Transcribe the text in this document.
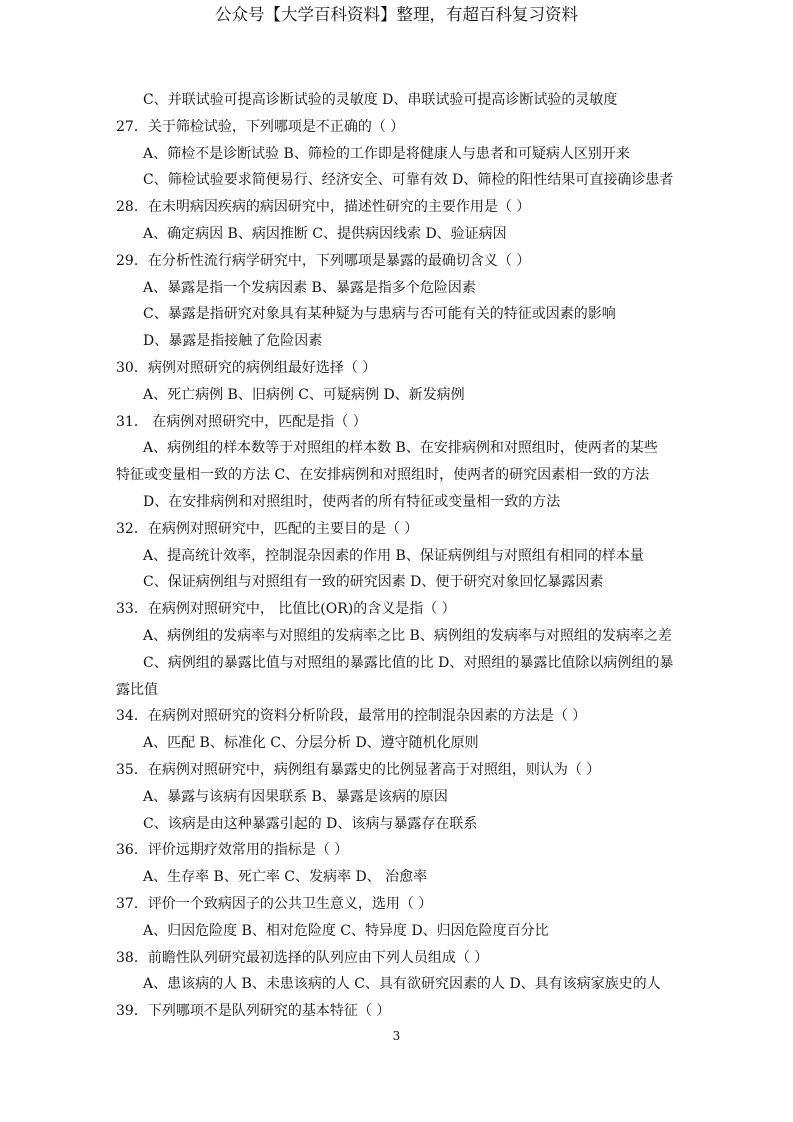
公众号【大学百科资料】整理，有超百科复习资料
C、并联试验可提高诊断试验的灵敏度 D、串联试验可提高诊断试验的灵敏度
27．关于筛检试验，下列哪项是不正确的（ ）
A、筛检不是诊断试验 B、筛检的工作即是将健康人与患者和可疑病人区别开来
C、筛检试验要求简便易行、经济安全、可靠有效 D、筛检的阳性结果可直接确诊患者
28．在未明病因疾病的病因研究中，描述性研究的主要作用是（ ）
A、确定病因 B、病因推断 C、提供病因线索 D、验证病因
29．在分析性流行病学研究中，下列哪项是暴露的最确切含义（ ）
A、暴露是指一个发病因素 B、暴露是指多个危险因素
C、暴露是指研究对象具有某种疑为与患病与否可能有关的特征或因素的影响
D、暴露是指接触了危险因素
30．病例对照研究的病例组最好选择（ ）
A、死亡病例 B、旧病例 C、可疑病例 D、新发病例
31． 在病例对照研究中，匹配是指（ ）
A、病例组的样本数等于对照组的样本数 B、在安排病例和对照组时，使两者的某些
特征或变量相一致的方法 C、在安排病例和对照组时，使两者的研究因素相一致的方法
D、在安排病例和对照组时，使两者的所有特征或变量相一致的方法
32．在病例对照研究中，匹配的主要目的是（ ）
A、提高统计效率，控制混杂因素的作用 B、保证病例组与对照组有相同的样本量
C、保证病例组与对照组有一致的研究因素 D、便于研究对象回忆暴露因素
33．在病例对照研究中， 比值比(OR)的含义是指（ ）
A、病例组的发病率与对照组的发病率之比 B、病例组的发病率与对照组的发病率之差
C、病例组的暴露比值与对照组的暴露比值的比 D、对照组的暴露比值除以病例组的暴
露比值
34．在病例对照研究的资料分析阶段，最常用的控制混杂因素的方法是（ ）
A、匹配 B、标准化 C、分层分析 D、遵守随机化原则
35．在病例对照研究中，病例组有暴露史的比例显著高于对照组，则认为（ ）
A、暴露与该病有因果联系 B、暴露是该病的原因
C、该病是由这种暴露引起的 D、该病与暴露存在联系
36．评价远期疗效常用的指标是（ ）
A、生存率 B、死亡率 C、发病率 D、 治愈率
37．评价一个致病因子的公共卫生意义，选用（ ）
A、归因危险度 B、相对危险度 C、特异度 D、归因危险度百分比
38．前瞻性队列研究最初选择的队列应由下列人员组成（ ）
A、患该病的人 B、未患该病的人 C、具有欲研究因素的人 D、具有该病家族史的人
39．下列哪项不是队列研究的基本特征（ ）
3
